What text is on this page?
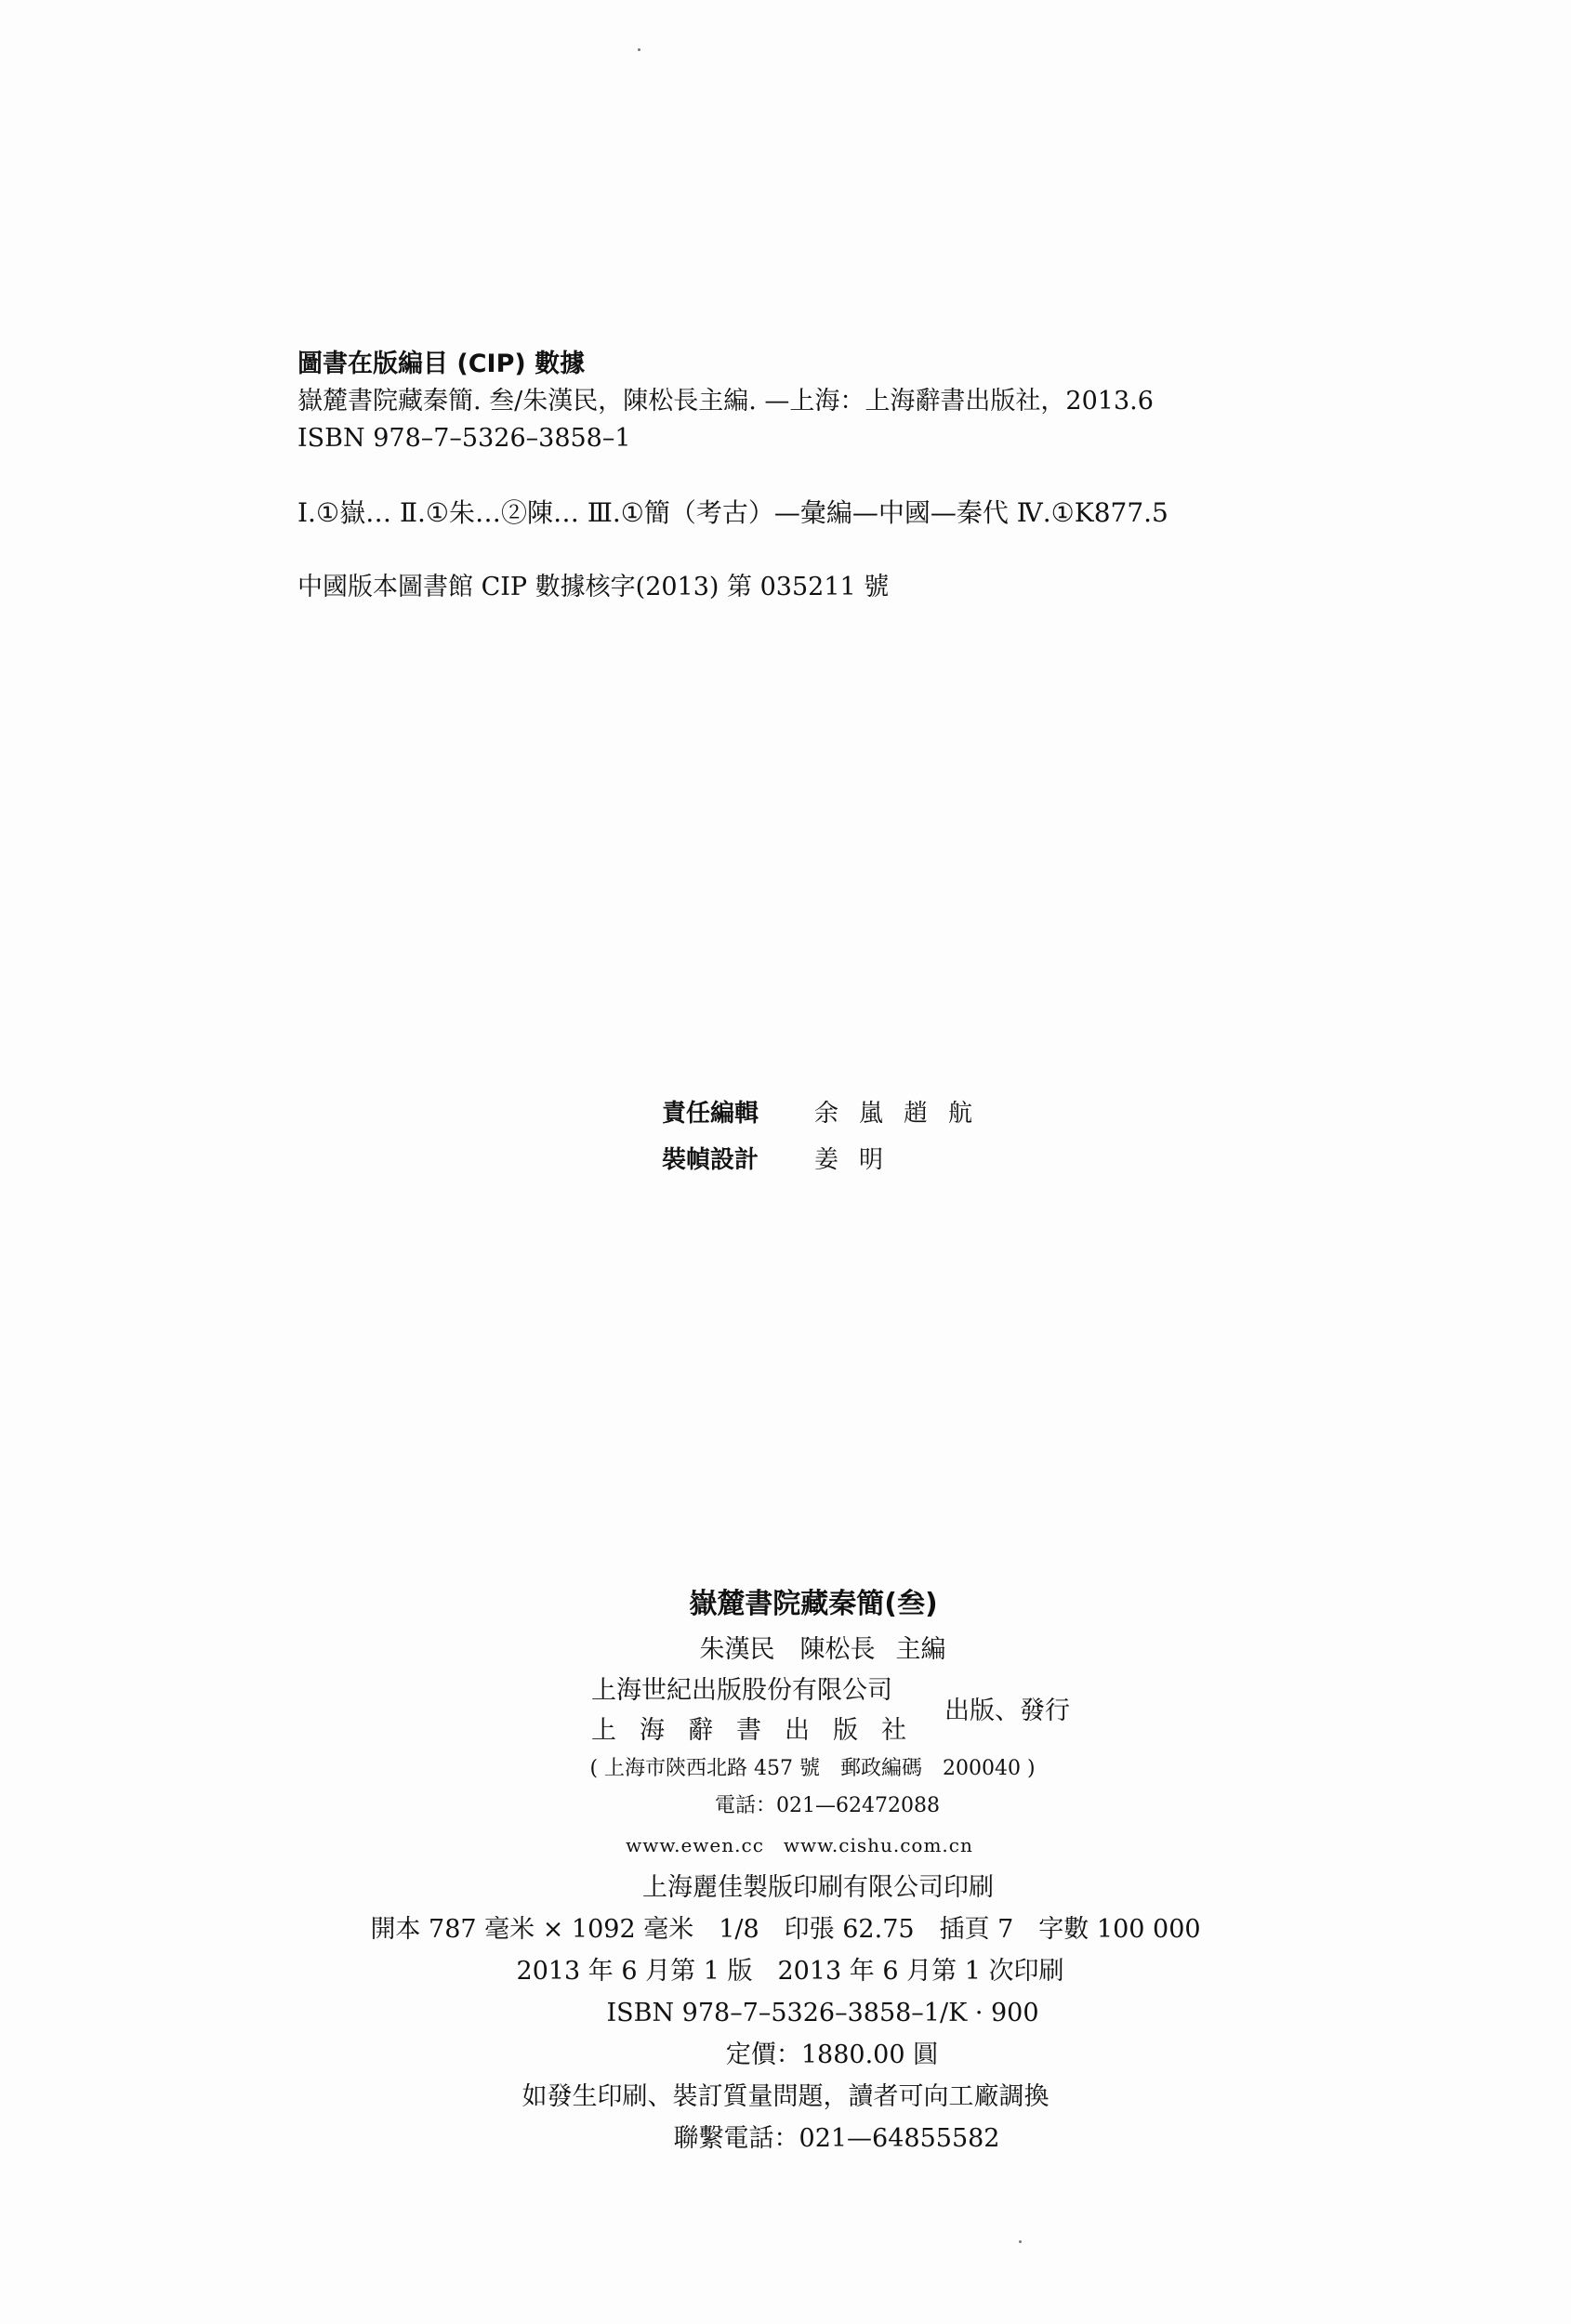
圖書在版編目 (CIP) 數據

嶽麓書院藏秦簡. 叁/朱漢民，陳松長主編. —上海：上海辭書出版社，2013.6

ISBN 978–7–5326–3858–1

Ⅰ.①嶽… Ⅱ.①朱…②陳… Ⅲ.①簡（考古）—彙編—中國—秦代 Ⅳ.①K877.5

中國版本圖書館 CIP 數據核字(2013) 第 035211 號

責任編輯	余嵐趙航
裝幀設計	姜明
嶽麓書院藏秦簡(叁)
朱漢民　陳松長 主編
上海世紀出版股份有限公司
上海辭書出版社
出版、發行
( 上海市陝西北路 457 號　郵政編碼　200040 )
電話：021—62472088
www.ewen.cc　www.cishu.com.cn
上海麗佳製版印刷有限公司印刷
開本 787 毫米 × 1092 毫米　1/8　印張 62.75　插頁 7　字數 100 000
2013 年 6 月第 1 版　2013 年 6 月第 1 次印刷
ISBN 978–7–5326–3858–1/K · 900
定價：1880.00 圓
如發生印刷、裝訂質量問題，讀者可向工廠調換
聯繫電話：021—64855582
